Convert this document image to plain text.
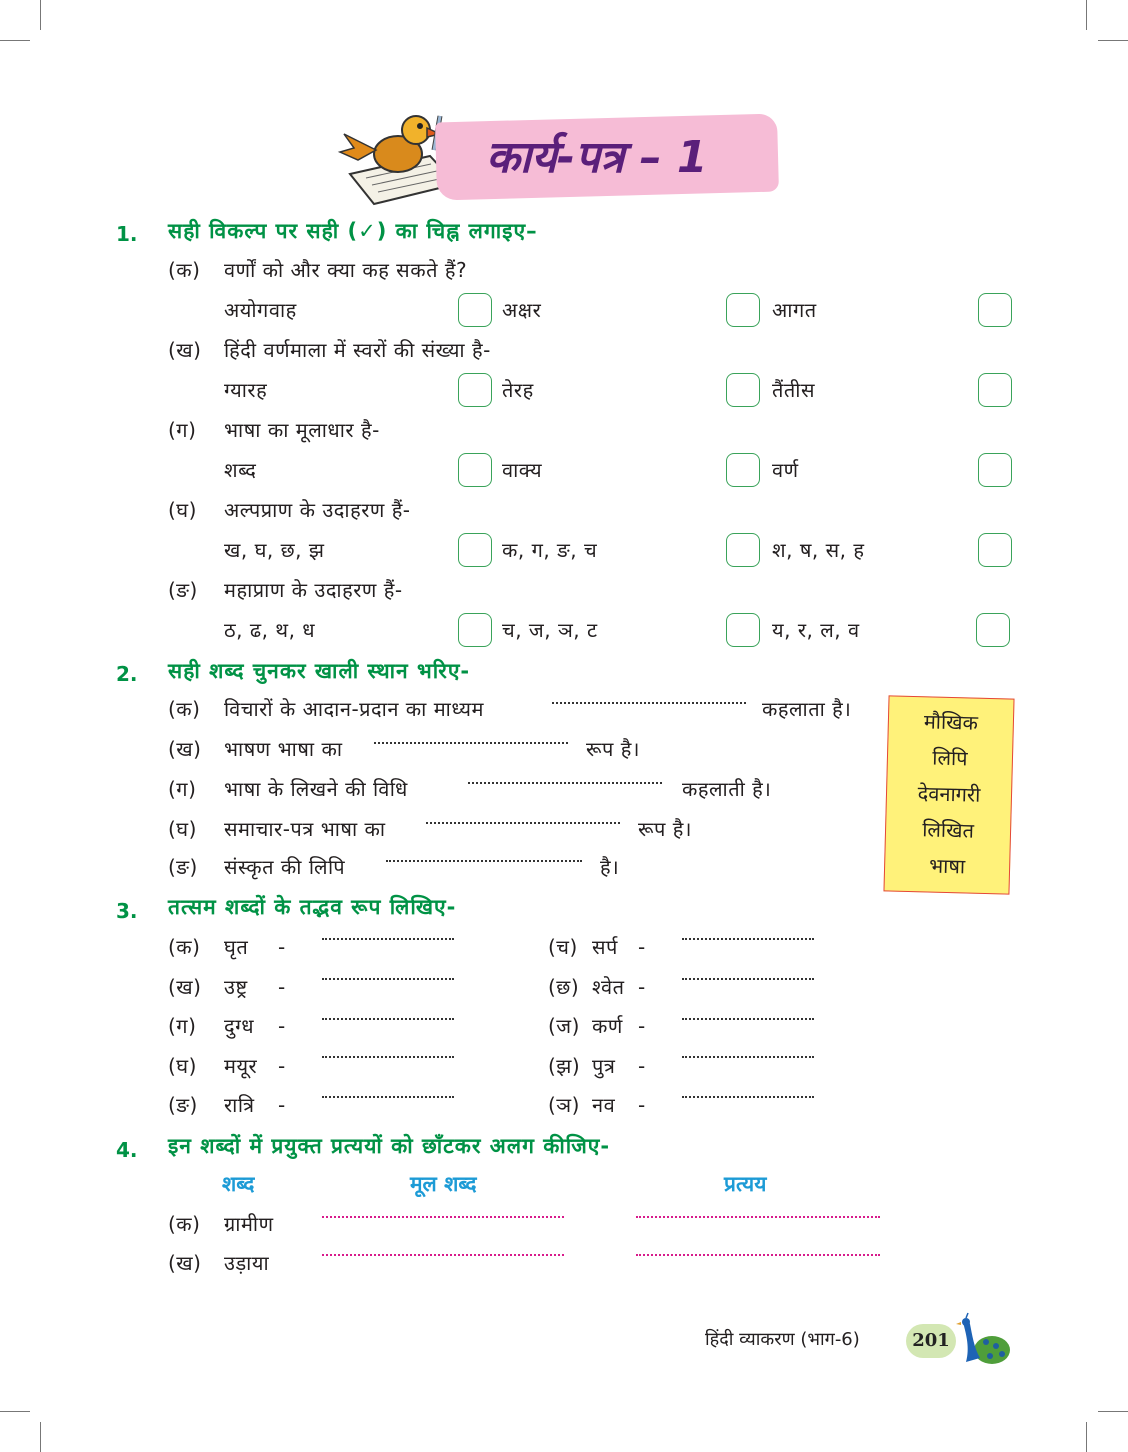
कार्य-पत्र – 1
1. सही विकल्प पर सही (✓) का चिह्न लगाइए–
(क) वर्णों को और क्या कह सकते हैं?
अयोगवाह	अक्षर	आगत
(ख) हिंदी वर्णमाला में स्वरों की संख्या है-
ग्यारह	तेरह	तैंतीस
(ग) भाषा का मूलाधार है-
शब्द	वाक्य	वर्ण
(घ) अल्पप्राण के उदाहरण हैं-
ख, घ, छ, झ	क, ग, ङ, च	श, ष, स, ह
(ङ) महाप्राण के उदाहरण हैं-
ठ, ढ, थ, ध	च, ज, ञ, ट	य, र, ल, व
2. सही शब्द चुनकर खाली स्थान भरिए-
(क) विचारों के आदान-प्रदान का माध्यम	कहलाता है।
(ख) भाषण भाषा का	रूप है।
(ग) भाषा के लिखने की विधि	कहलाती है।
(घ) समाचार-पत्र भाषा का	रूप है।
(ङ) संस्कृत की लिपि	है।
मौखिक
लिपि
देवनागरी
लिखित
भाषा
3. तत्सम शब्दों के तद्भव रूप लिखिए-
(क) घृत -	(च) सर्प -
(ख) उष्ट्र -	(छ) श्वेत -
(ग) दुग्ध -	(ज) कर्ण -
(घ) मयूर -	(झ) पुत्र -
(ङ) रात्रि -	(ञ) नव -
4. इन शब्दों में प्रयुक्त प्रत्ययों को छाँटकर अलग कीजिए-
शब्द	मूल शब्द	प्रत्यय
(क) ग्रामीण
(ख) उड़ाया
हिंदी व्याकरण (भाग-6)	201
